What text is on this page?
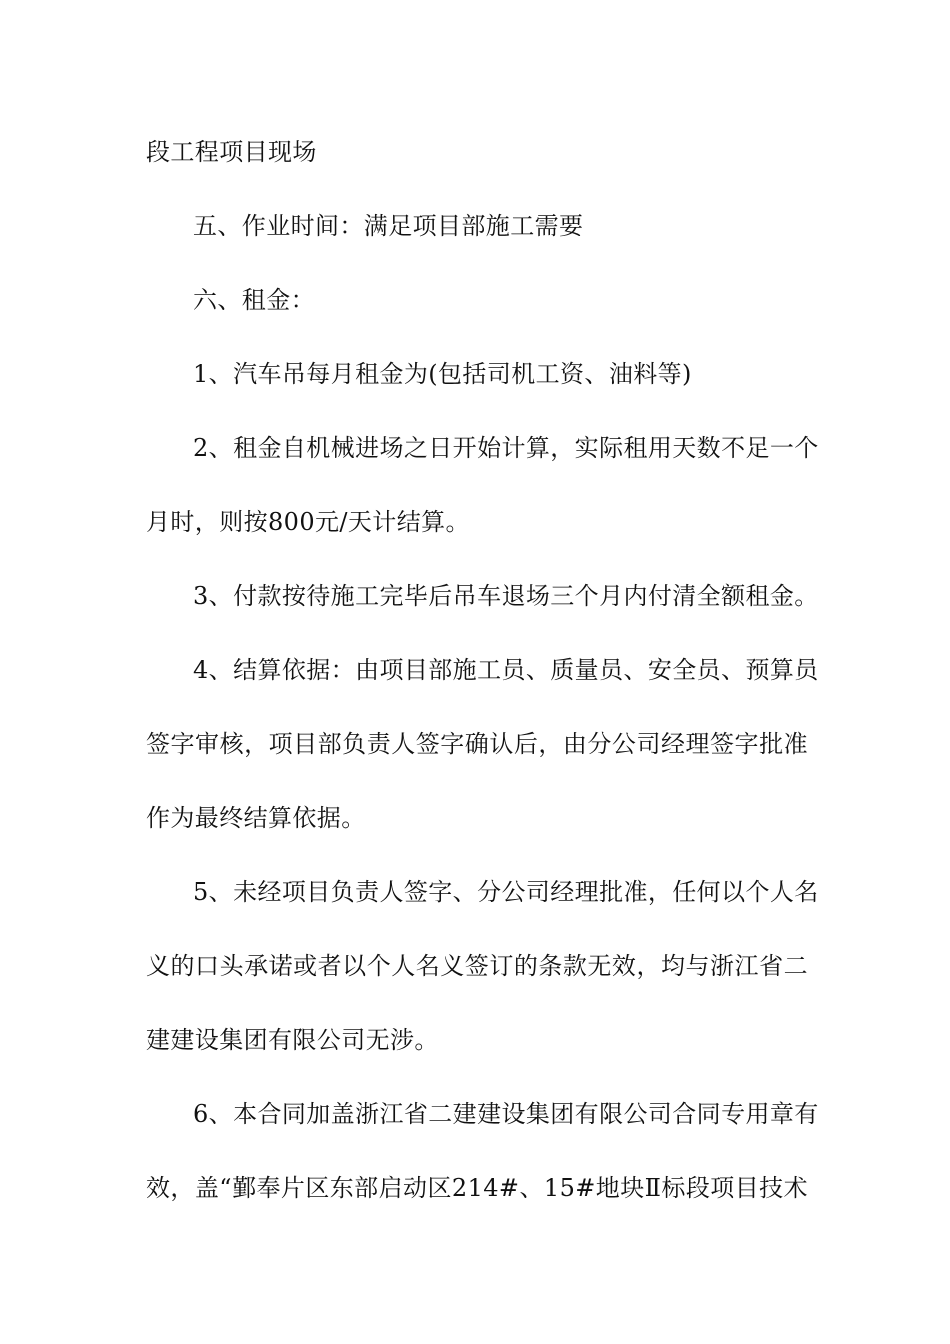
段工程项目现场
五、作业时间：满足项目部施工需要
六、租金：
1、汽车吊每月租金为(包括司机工资、油料等)
2、租金自机械进场之日开始计算，实际租用天数不足一个
月时，则按800元/天计结算。
3、付款按待施工完毕后吊车退场三个月内付清全额租金。
4、结算依据：由项目部施工员、质量员、安全员、预算员
签字审核，项目部负责人签字确认后，由分公司经理签字批准
作为最终结算依据。
5、未经项目负责人签字、分公司经理批准，任何以个人名
义的口头承诺或者以个人名义签订的条款无效，均与浙江省二
建建设集团有限公司无涉。
6、本合同加盖浙江省二建建设集团有限公司合同专用章有
效，盖“鄞奉片区东部启动区214#、15#地块Ⅱ标段项目技术
